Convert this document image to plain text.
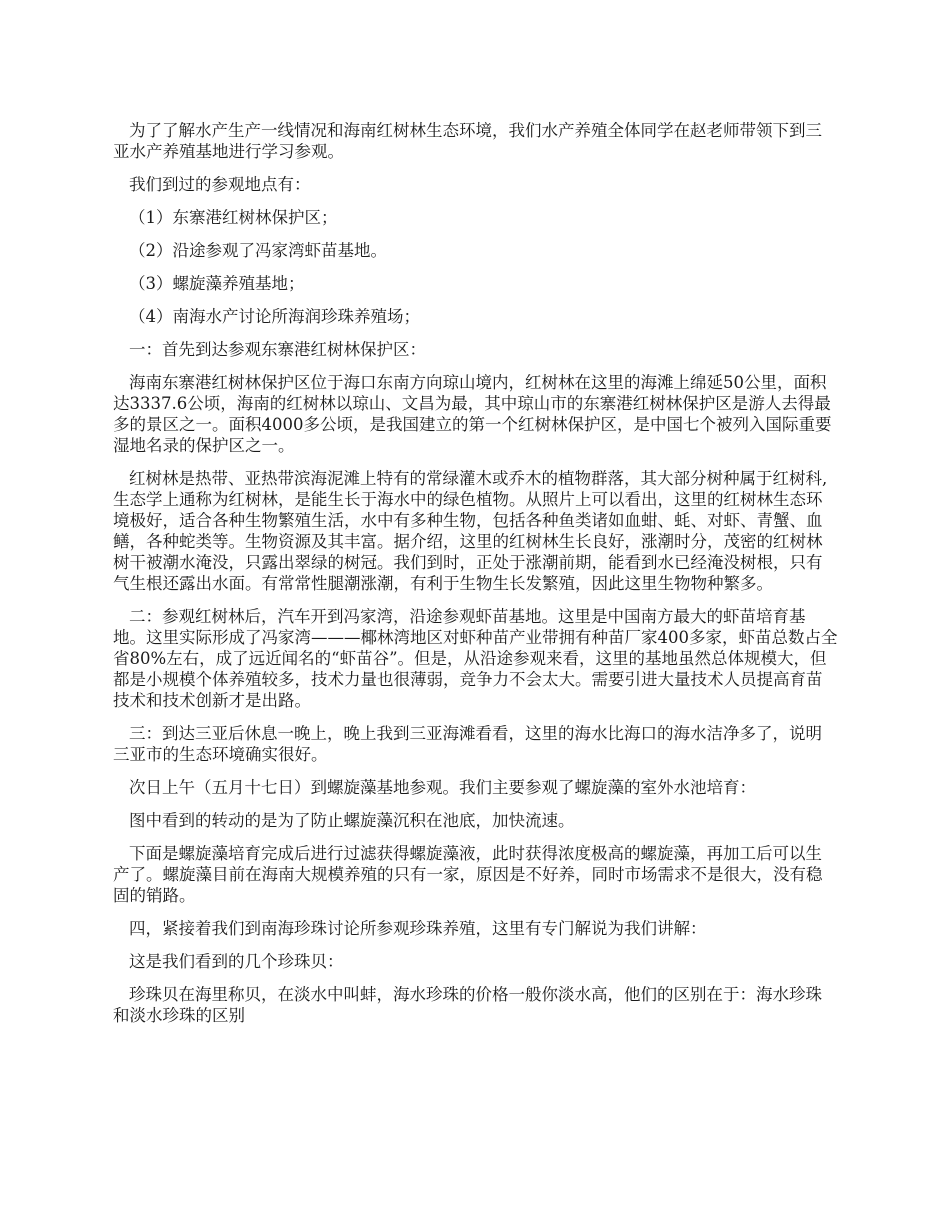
为了了解水产生产一线情况和海南红树林生态环境，我们水产养殖全体同学在赵老师带领下到三亚水产养殖基地进行学习参观。

我们到过的参观地点有：

（1）东寨港红树林保护区；

（2）沿途参观了冯家湾虾苗基地。

（3）螺旋藻养殖基地；

（4）南海水产讨论所海润珍珠养殖场；

一：首先到达参观东寨港红树林保护区：

海南东寨港红树林保护区位于海口东南方向琼山境内，红树林在这里的海滩上绵延50公里，面积达3337.6公顷，海南的红树林以琼山、文昌为最，其中琼山市的东寨港红树林保护区是游人去得最多的景区之一。面积4000多公顷，是我国建立的第一个红树林保护区，是中国七个被列入国际重要湿地名录的保护区之一。

红树林是热带、亚热带滨海泥滩上特有的常绿灌木或乔木的植物群落，其大部分树种属于红树科,生态学上通称为红树林，是能生长于海水中的绿色植物。从照片上可以看出，这里的红树林生态环境极好，适合各种生物繁殖生活，水中有多种生物，包括各种鱼类诸如血蚶、蚝、对虾、青蟹、血鳝，各种蛇类等。生物资源及其丰富。据介绍，这里的红树林生长良好，涨潮时分，茂密的红树林树干被潮水淹没，只露出翠绿的树冠。我们到时，正处于涨潮前期，能看到水已经淹没树根，只有气生根还露出水面。有常常性腿潮涨潮，有利于生物生长发繁殖，因此这里生物物种繁多。

二：参观红树林后，汽车开到冯家湾，沿途参观虾苗基地。这里是中国南方最大的虾苗培育基地。这里实际形成了冯家湾———椰林湾地区对虾种苗产业带拥有种苗厂家400多家，虾苗总数占全省80%左右，成了远近闻名的“虾苗谷”。但是，从沿途参观来看，这里的基地虽然总体规模大，但都是小规模个体养殖较多，技术力量也很薄弱，竞争力不会太大。需要引进大量技术人员提高育苗技术和技术创新才是出路。

三：到达三亚后休息一晚上，晚上我到三亚海滩看看，这里的海水比海口的海水洁净多了，说明三亚市的生态环境确实很好。

次日上午（五月十七日）到螺旋藻基地参观。我们主要参观了螺旋藻的室外水池培育：

图中看到的转动的是为了防止螺旋藻沉积在池底，加快流速。

下面是螺旋藻培育完成后进行过滤获得螺旋藻液，此时获得浓度极高的螺旋藻，再加工后可以生产了。螺旋藻目前在海南大规模养殖的只有一家，原因是不好养，同时市场需求不是很大，没有稳固的销路。

四，紧接着我们到南海珍珠讨论所参观珍珠养殖，这里有专门解说为我们讲解：

这是我们看到的几个珍珠贝：

珍珠贝在海里称贝，在淡水中叫蚌，海水珍珠的价格一般你淡水高，他们的区别在于：海水珍珠和淡水珍珠的区别
